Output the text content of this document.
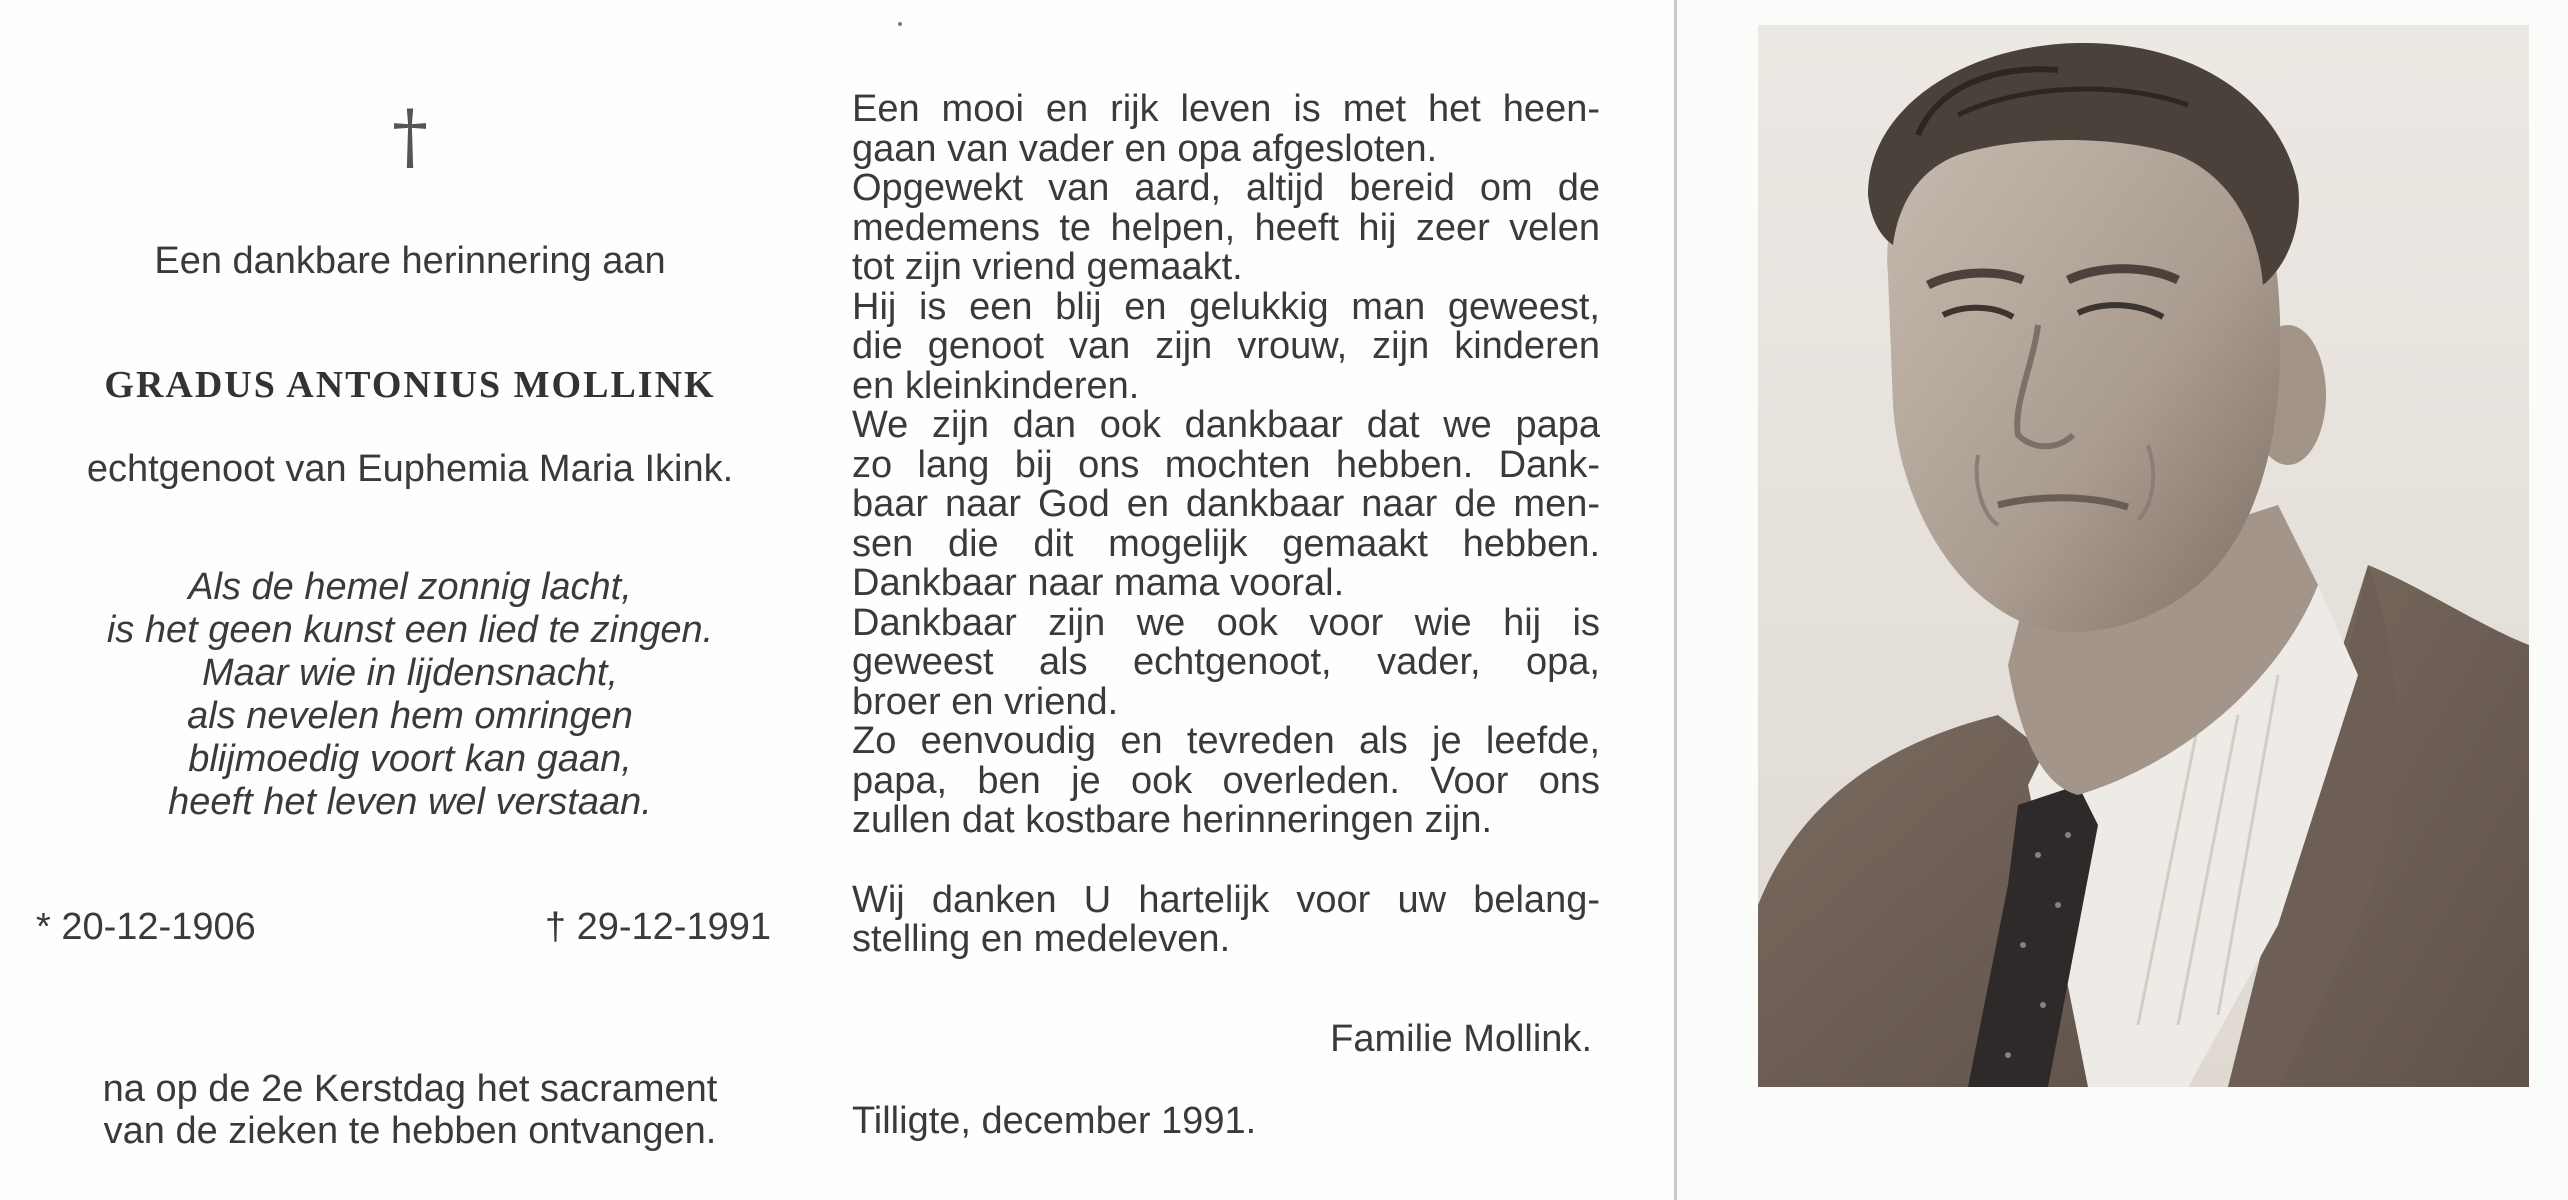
†
Een dankbare herinnering aan
GRADUS ANTONIUS MOLLINK
echtgenoot van Euphemia Maria Ikink.
Als de hemel zonnig lacht,
is het geen kunst een lied te zingen.
Maar wie in lijdensnacht,
als nevelen hem omringen
blijmoedig voort kan gaan,
heeft het leven wel verstaan.
* 20-12-1906	† 29-12-1991
na op de 2e Kerstdag het sacrament
van de zieken te hebben ontvangen.
Een mooi en rijk leven is met het heen-
gaan van vader en opa afgesloten.
Opgewekt van aard, altijd bereid om de
medemens te helpen, heeft hij zeer velen
tot zijn vriend gemaakt.
Hij is een blij en gelukkig man geweest,
die genoot van zijn vrouw, zijn kinderen
en kleinkinderen.
We zijn dan ook dankbaar dat we papa
zo lang bij ons mochten hebben. Dank-
baar naar God en dankbaar naar de men-
sen die dit mogelijk gemaakt hebben.
Dankbaar naar mama vooral.
Dankbaar zijn we ook voor wie hij is
geweest als echtgenoot, vader, opa,
broer en vriend.
Zo eenvoudig en tevreden als je leefde,
papa, ben je ook overleden. Voor ons
zullen dat kostbare herinneringen zijn.
Wij danken U hartelijk voor uw belang-
stelling en medeleven.
Familie Mollink.
Tilligte, december 1991.
